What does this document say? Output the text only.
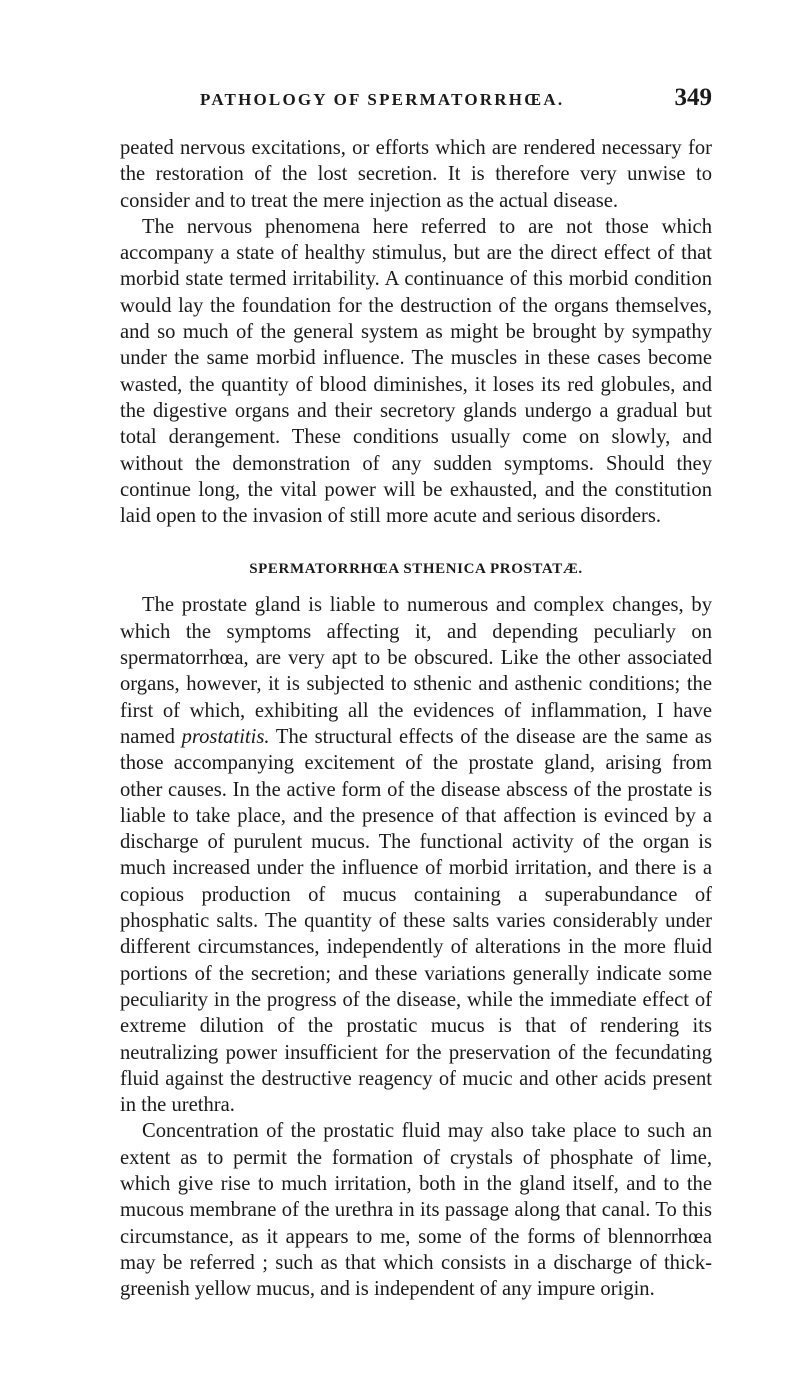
PATHOLOGY OF SPERMATORRHŒA.	349

peated nervous excitations, or efforts which are rendered necessary for the restoration of the lost secretion. It is therefore very unwise to consider and to treat the mere injection as the actual disease.

The nervous phenomena here referred to are not those which accompany a state of healthy stimulus, but are the direct effect of that morbid state termed irritability. A continuance of this morbid condition would lay the foundation for the destruction of the organs themselves, and so much of the general system as might be brought by sympathy under the same morbid influence. The muscles in these cases become wasted, the quantity of blood diminishes, it loses its red globules, and the digestive organs and their secretory glands undergo a gradual but total derangement. These conditions usually come on slowly, and without the demonstration of any sudden symptoms. Should they continue long, the vital power will be exhausted, and the constitution laid open to the invasion of still more acute and serious disorders.

SPERMATORRHŒA STHENICA PROSTATÆ.

The prostate gland is liable to numerous and complex changes, by which the symptoms affecting it, and depending peculiarly on spermatorrhœa, are very apt to be obscured. Like the other associated organs, however, it is subjected to sthenic and asthenic conditions; the first of which, exhibiting all the evidences of inflammation, I have named prostatitis. The structural effects of the disease are the same as those accompanying excitement of the prostate gland, arising from other causes. In the active form of the disease abscess of the prostate is liable to take place, and the presence of that affection is evinced by a discharge of purulent mucus. The functional activity of the organ is much increased under the influence of morbid irritation, and there is a copious production of mucus containing a superabundance of phosphatic salts. The quantity of these salts varies considerably under different circumstances, independently of alterations in the more fluid portions of the secretion; and these variations generally indicate some peculiarity in the progress of the disease, while the immediate effect of extreme dilution of the prostatic mucus is that of rendering its neutralizing power insufficient for the preservation of the fecundating fluid against the destructive reagency of mucic and other acids present in the urethra.

Concentration of the prostatic fluid may also take place to such an extent as to permit the formation of crystals of phosphate of lime, which give rise to much irritation, both in the gland itself, and to the mucous membrane of the urethra in its passage along that canal. To this circumstance, as it appears to me, some of the forms of blennorrhœa may be referred ; such as that which consists in a discharge of thick-greenish yellow mucus, and is independent of any impure origin.
